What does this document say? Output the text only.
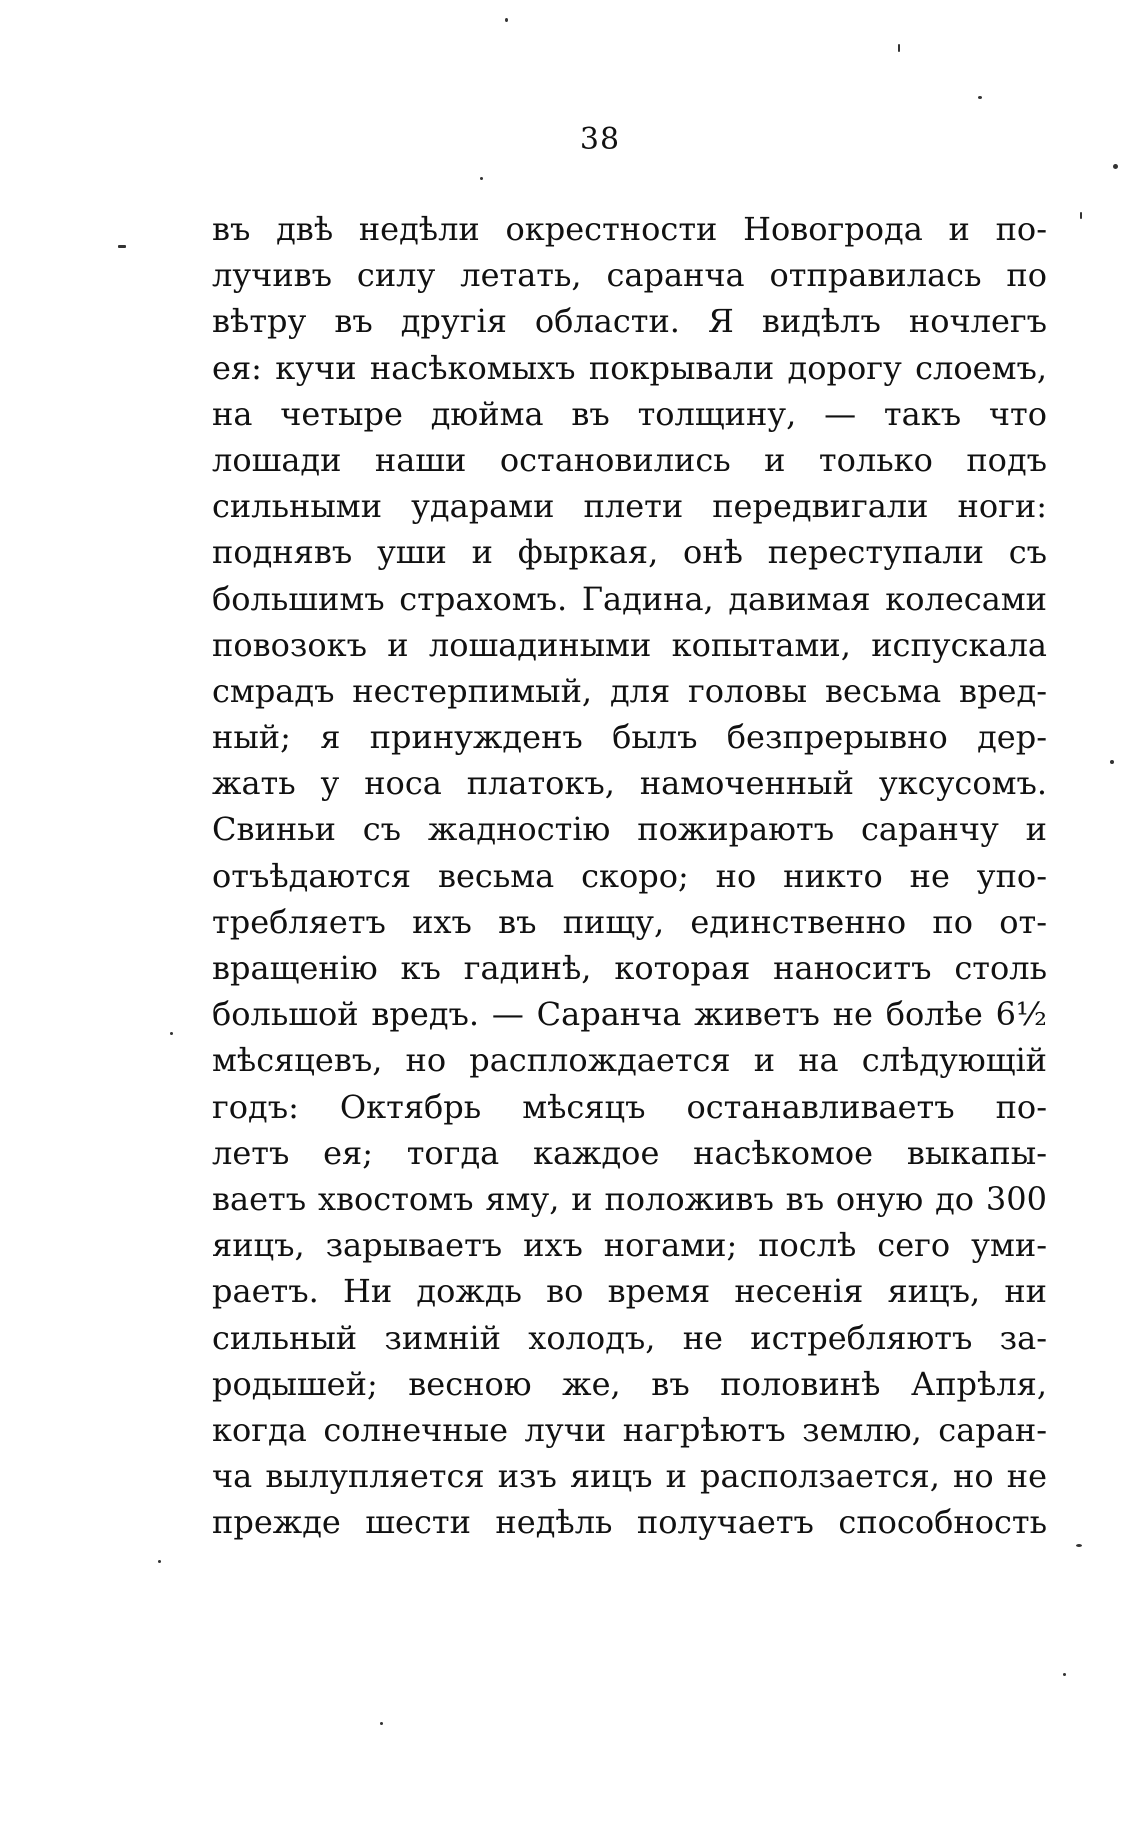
38
въ двѣ недѣли окрестности Новогрода и по-
лучивъ силу летать, саранча отправилась по
вѣтру въ другія области. Я видѣлъ ночлегъ
ея: кучи насѣкомыхъ покрывали дорогу слоемъ,
на четыре дюйма въ толщину, — такъ что
лошади наши остановились и только подъ
сильными ударами плети передвигали ноги:
поднявъ уши и фыркая, онѣ переступали съ
большимъ страхомъ. Гадина, давимая колесами
повозокъ и лошадиными копытами, испускала
смрадъ нестерпимый, для головы весьма вред-
ный; я принужденъ былъ безпрерывно дер-
жать у носа платокъ, намоченный уксусомъ.
Свиньи съ жадностію пожираютъ саранчу и
отъѣдаются весьма скоро; но никто не упо-
требляетъ ихъ въ пищу, единственно по от-
вращенію къ гадинѣ, которая наноситъ столь
большой вредъ. — Саранча живетъ не болѣе 6½
мѣсяцевъ, но расплождается и на слѣдующій
годъ: Октябрь мѣсяцъ останавливаетъ по-
летъ ея; тогда каждое насѣкомое выкапы-
ваетъ хвостомъ яму, и положивъ въ оную до 300
яицъ, зарываетъ ихъ ногами; послѣ сего уми-
раетъ. Ни дождь во время несенія яицъ, ни
сильный зимній холодъ, не истребляютъ за-
родышей; весною же, въ половинѣ Апрѣля,
когда солнечные лучи нагрѣютъ землю, саран-
ча вылупляется изъ яицъ и расползается, но не
прежде шести недѣль получаетъ способность
